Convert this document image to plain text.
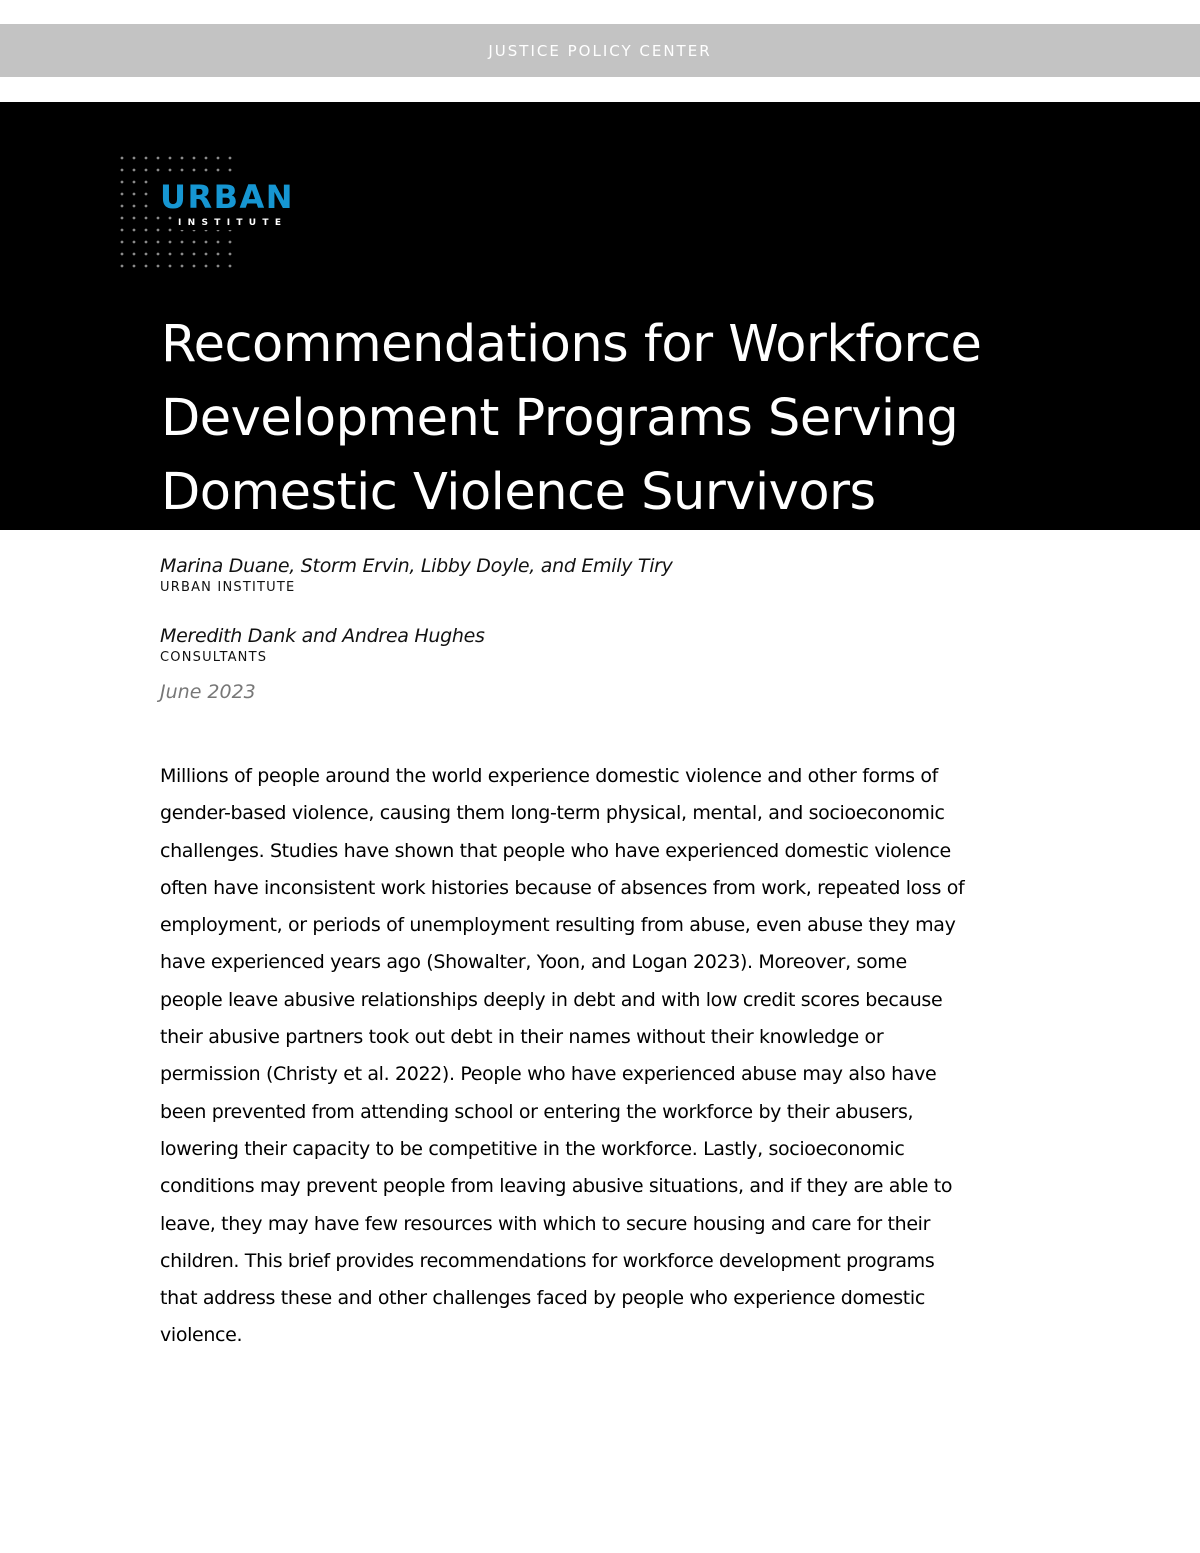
JUSTICE POLICY CENTER
URBAN
INSTITUTE
Recommendations for Workforce
Development Programs Serving
Domestic Violence Survivors
Marina Duane, Storm Ervin, Libby Doyle, and Emily Tiry
URBAN INSTITUTE
Meredith Dank and Andrea Hughes
CONSULTANTS
June 2023
Millions of people around the world experience domestic violence and other forms of
gender-based violence, causing them long-term physical, mental, and socioeconomic
challenges. Studies have shown that people who have experienced domestic violence
often have inconsistent work histories because of absences from work, repeated loss of
employment, or periods of unemployment resulting from abuse, even abuse they may
have experienced years ago (Showalter, Yoon, and Logan 2023). Moreover, some
people leave abusive relationships deeply in debt and with low credit scores because
their abusive partners took out debt in their names without their knowledge or
permission (Christy et al. 2022). People who have experienced abuse may also have
been prevented from attending school or entering the workforce by their abusers,
lowering their capacity to be competitive in the workforce. Lastly, socioeconomic
conditions may prevent people from leaving abusive situations, and if they are able to
leave, they may have few resources with which to secure housing and care for their
children. This brief provides recommendations for workforce development programs
that address these and other challenges faced by people who experience domestic
violence.
